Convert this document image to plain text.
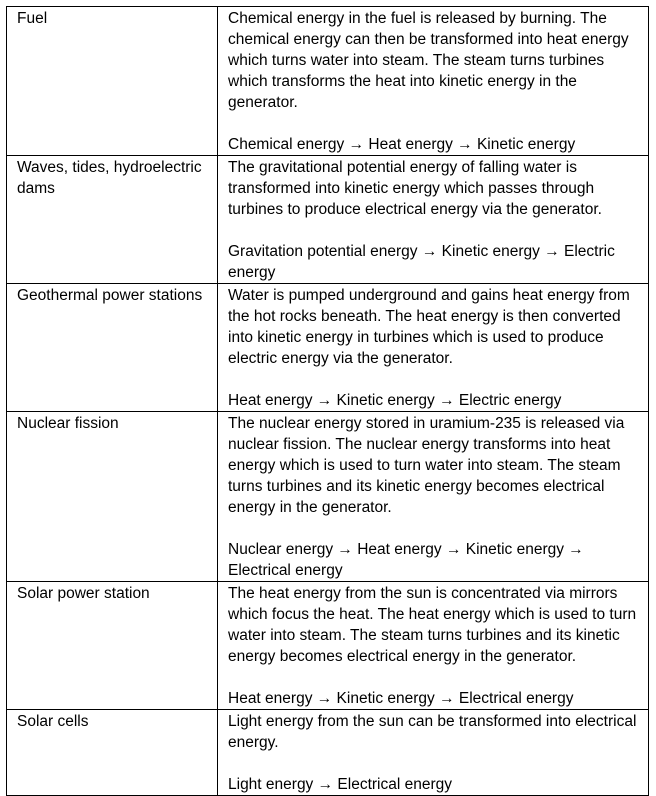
Fuel	Chemical energy in the fuel is released by burning. The chemical energy can then be transformed into heat energy which turns water into steam. The steam turns turbines which transforms the heat into kinetic energy in the generator.

Chemical energy → Heat energy → Kinetic energy

Waves, tides, hydroelectric dams	The gravitational potential energy of falling water is transformed into kinetic energy which passes through turbines to produce electrical energy via the generator.

Gravitation potential energy → Kinetic energy → Electric energy

Geothermal power stations	Water is pumped underground and gains heat energy from the hot rocks beneath. The heat energy is then converted into kinetic energy in turbines which is used to produce electric energy via the generator.

Heat energy → Kinetic energy → Electric energy

Nuclear fission	The nuclear energy stored in uramium-235 is released via nuclear fission. The nuclear energy transforms into heat energy which is used to turn water into steam. The steam turns turbines and its kinetic energy becomes electrical energy in the generator.

Nuclear energy → Heat energy → Kinetic energy → Electrical energy

Solar power station	The heat energy from the sun is concentrated via mirrors which focus the heat. The heat energy which is used to turn water into steam. The steam turns turbines and its kinetic energy becomes electrical energy in the generator.

Heat energy → Kinetic energy → Electrical energy

Solar cells	Light energy from the sun can be transformed into electrical energy.

Light energy → Electrical energy
